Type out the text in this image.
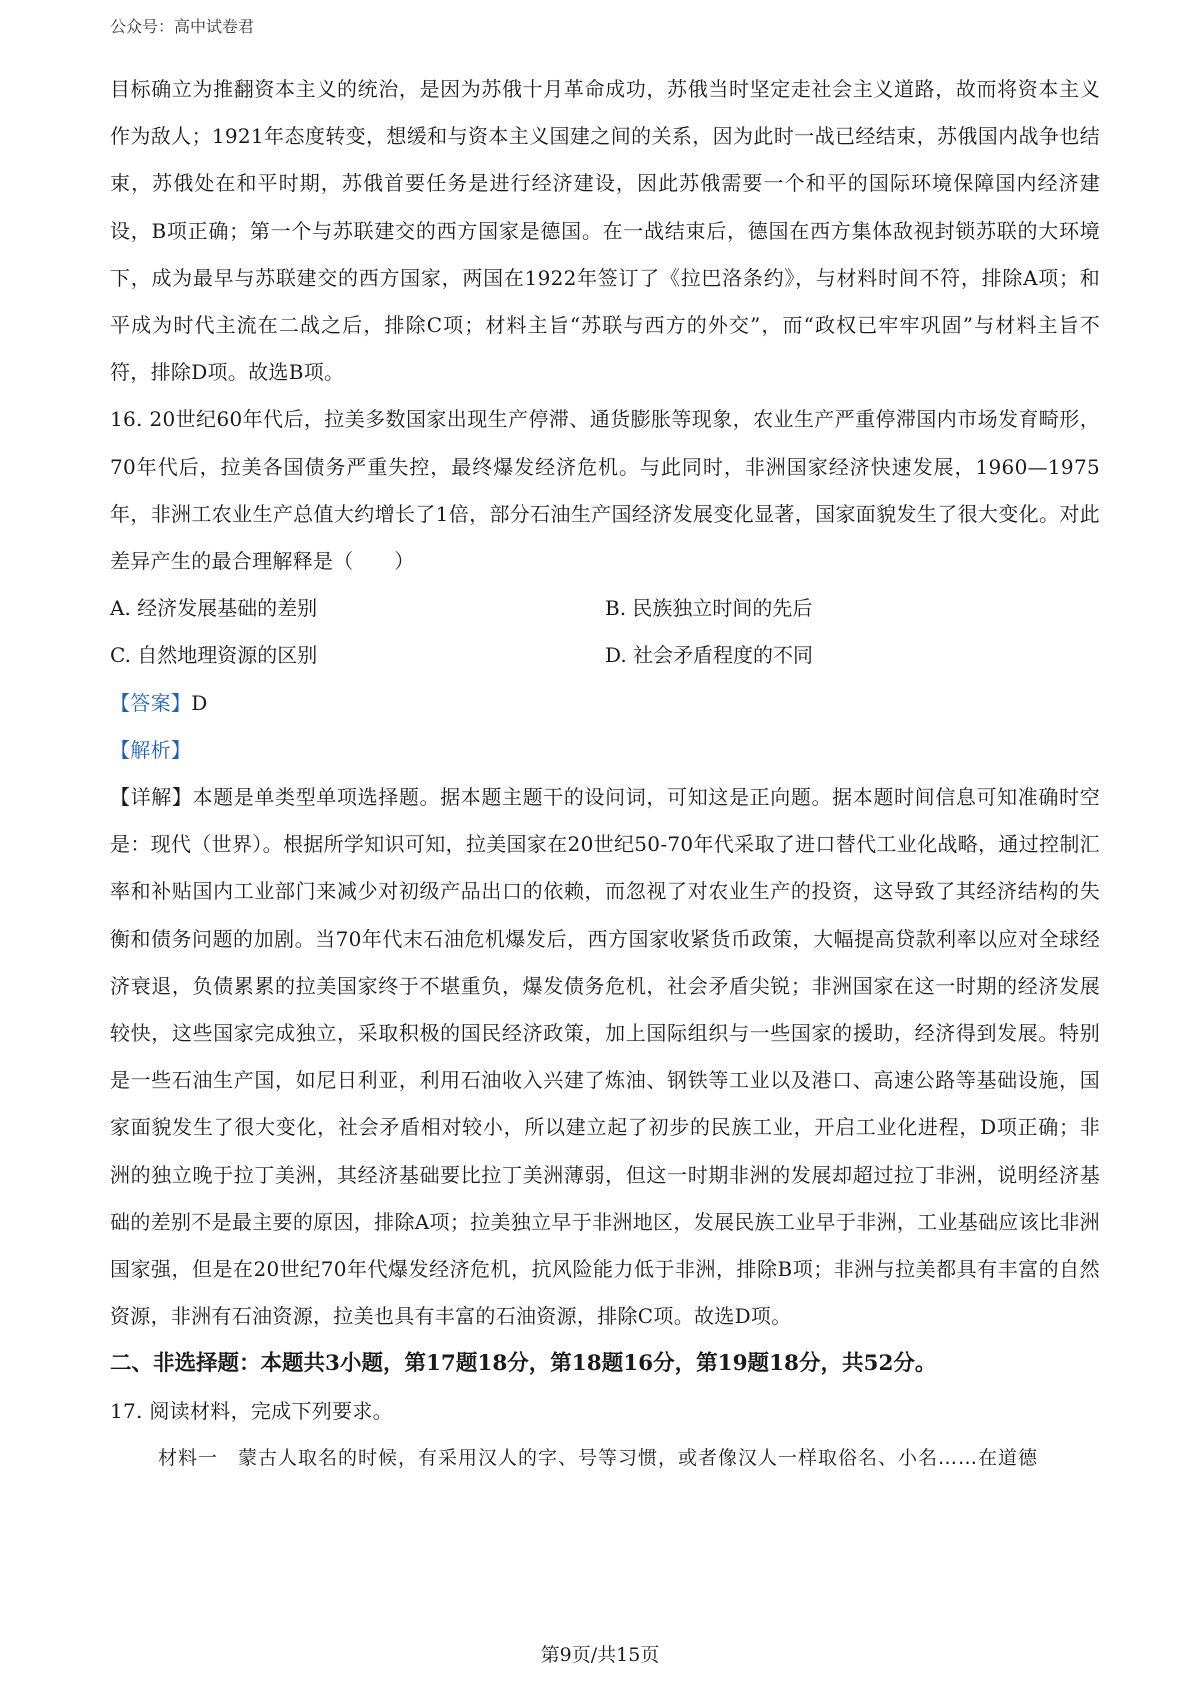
公众号：高中试卷君

目标确立为推翻资本主义的统治，是因为苏俄十月革命成功，苏俄当时坚定走社会主义道路，故而将资本主义作为敌人；1921年态度转变，想缓和与资本主义国建之间的关系，因为此时一战已经结束，苏俄国内战争也结束，苏俄处在和平时期，苏俄首要任务是进行经济建设，因此苏俄需要一个和平的国际环境保障国内经济建设，B项正确；第一个与苏联建交的西方国家是德国。在一战结束后，德国在西方集体敌视封锁苏联的大环境下，成为最早与苏联建交的西方国家，两国在1922年签订了《拉巴洛条约》，与材料时间不符，排除A项；和平成为时代主流在二战之后，排除C项；材料主旨“苏联与西方的外交”，而“政权已牢牢巩固”与材料主旨不符，排除D项。故选B项。

16. 20世纪60年代后，拉美多数国家出现生产停滞、通货膨胀等现象，农业生产严重停滞国内市场发育畸形，70年代后，拉美各国债务严重失控，最终爆发经济危机。与此同时，非洲国家经济快速发展，1960—1975年，非洲工农业生产总值大约增长了1倍，部分石油生产国经济发展变化显著，国家面貌发生了很大变化。对此差异产生的最合理解释是（　　）

A. 经济发展基础的差别	B. 民族独立时间的先后
C. 自然地理资源的区别	D. 社会矛盾程度的不同

【答案】D

【解析】

【详解】本题是单类型单项选择题。据本题主题干的设问词，可知这是正向题。据本题时间信息可知准确时空是：现代（世界）。根据所学知识可知，拉美国家在20世纪50-70年代采取了进口替代工业化战略，通过控制汇率和补贴国内工业部门来减少对初级产品出口的依赖，而忽视了对农业生产的投资，这导致了其经济结构的失衡和债务问题的加剧。当70年代末石油危机爆发后，西方国家收紧货币政策，大幅提高贷款利率以应对全球经济衰退，负债累累的拉美国家终于不堪重负，爆发债务危机，社会矛盾尖锐；非洲国家在这一时期的经济发展较快，这些国家完成独立，采取积极的国民经济政策，加上国际组织与一些国家的援助，经济得到发展。特别是一些石油生产国，如尼日利亚，利用石油收入兴建了炼油、钢铁等工业以及港口、高速公路等基础设施，国家面貌发生了很大变化，社会矛盾相对较小，所以建立起了初步的民族工业，开启工业化进程，D项正确；非洲的独立晚于拉丁美洲，其经济基础要比拉丁美洲薄弱，但这一时期非洲的发展却超过拉丁非洲，说明经济基础的差别不是最主要的原因，排除A项；拉美独立早于非洲地区，发展民族工业早于非洲，工业基础应该比非洲国家强，但是在20世纪70年代爆发经济危机，抗风险能力低于非洲，排除B项；非洲与拉美都具有丰富的自然资源，非洲有石油资源，拉美也具有丰富的石油资源，排除C项。故选D项。

二、非选择题：本题共3小题，第17题18分，第18题16分，第19题18分，共52分。

17. 阅读材料，完成下列要求。

材料一　蒙古人取名的时候，有采用汉人的字、号等习惯，或者像汉人一样取俗名、小名……在道德

第9页/共15页
